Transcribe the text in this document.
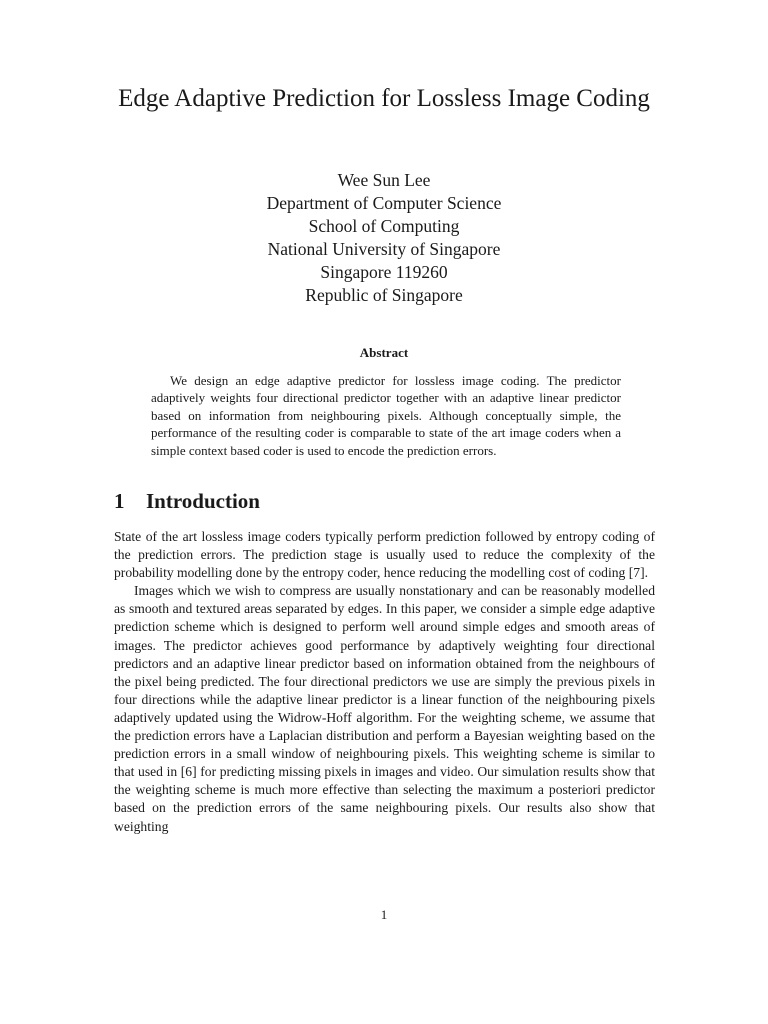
Edge Adaptive Prediction for Lossless Image Coding
Wee Sun Lee
Department of Computer Science
School of Computing
National University of Singapore
Singapore 119260
Republic of Singapore
Abstract

We design an edge adaptive predictor for lossless image coding. The predictor adaptively weights four directional predictor together with an adaptive linear predictor based on information from neighbouring pixels. Although conceptually simple, the performance of the resulting coder is comparable to state of the art image coders when a simple context based coder is used to encode the prediction errors.

1 Introduction

State of the art lossless image coders typically perform prediction followed by entropy coding of the prediction errors. The prediction stage is usually used to reduce the complexity of the probability modelling done by the entropy coder, hence reducing the modelling cost of coding [7].

Images which we wish to compress are usually nonstationary and can be reasonably modelled as smooth and textured areas separated by edges. In this paper, we consider a simple edge adaptive prediction scheme which is designed to perform well around simple edges and smooth areas of images. The predictor achieves good performance by adaptively weighting four directional predictors and an adaptive linear predictor based on information obtained from the neighbours of the pixel being predicted. The four directional predictors we use are simply the previous pixels in four directions while the adaptive linear predictor is a linear function of the neighbouring pixels adaptively updated using the Widrow-Hoff algorithm. For the weighting scheme, we assume that the prediction errors have a Laplacian distribution and perform a Bayesian weighting based on the prediction errors in a small window of neighbouring pixels. This weighting scheme is similar to that used in [6] for predicting missing pixels in images and video. Our simulation results show that the weighting scheme is much more effective than selecting the maximum a posteriori predictor based on the prediction errors of the same neighbouring pixels. Our results also show that weighting

1
